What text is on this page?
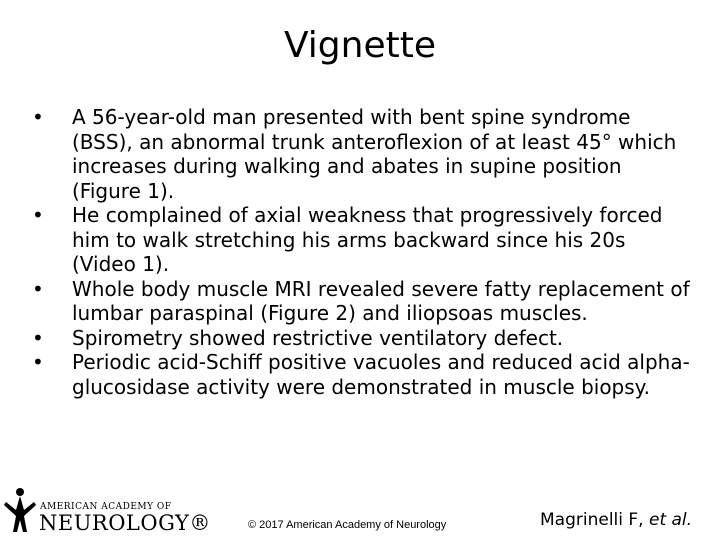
Vignette
•	A 56-year-old man presented with bent spine syndrome (BSS), an abnormal trunk anteroflexion of at least 45° which increases during walking and abates in supine position (Figure 1).
•	He complained of axial weakness that progressively forced him to walk stretching his arms backward since his 20s (Video 1).
•	Whole body muscle MRI revealed severe fatty replacement of lumbar paraspinal (Figure 2) and iliopsoas muscles.
•	Spirometry showed restrictive ventilatory defect.
•	Periodic acid-Schiff positive vacuoles and reduced acid alpha-glucosidase activity were demonstrated in muscle biopsy.
AMERICAN ACADEMY OF
NEUROLOGY®	© 2017 American Academy of Neurology	Magrinelli F, et al.
